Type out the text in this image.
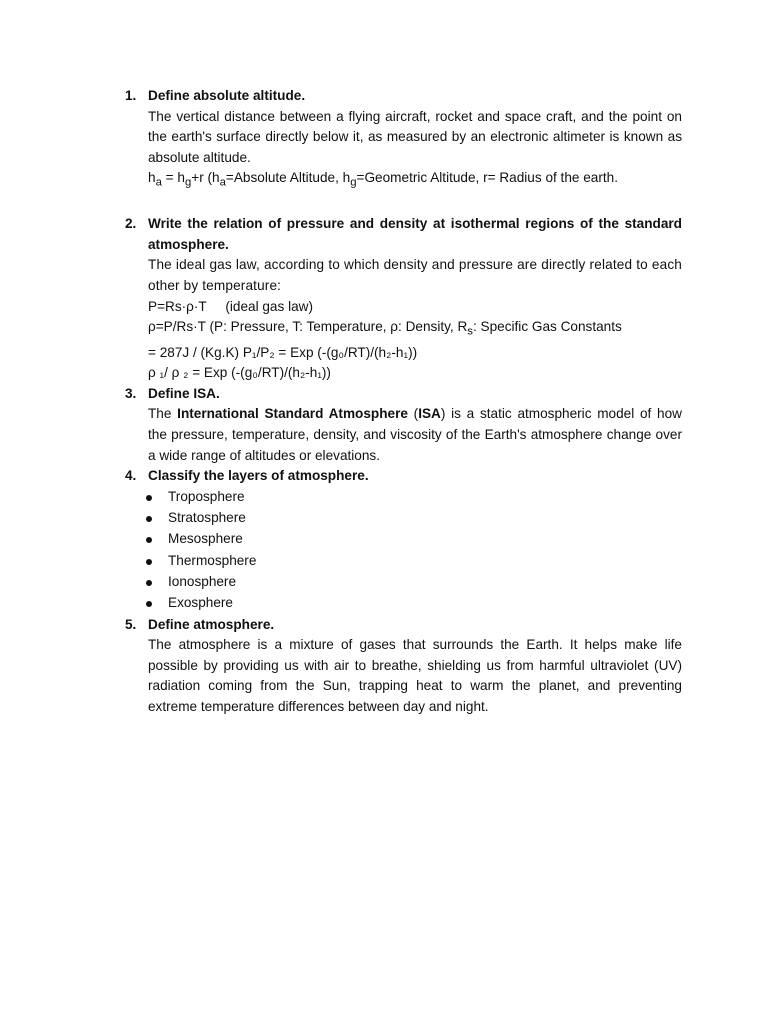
1. Define absolute altitude.
The vertical distance between a flying aircraft, rocket and space craft, and the point on the earth's surface directly below it, as measured by an electronic altimeter is known as absolute altitude.
$h_a = h_g+r$ ($h_a=Absolute$ Altitude, $h_g=Geometric$ Altitude, r= Radius of the earth.
2. Write the relation of pressure and density at isothermal regions of the standard atmosphere.
The ideal gas law, according to which density and pressure are directly related to each other by temperature:
P=Rs·ρ·T     (ideal gas law)
ρ=P/Rs·T (P: Pressure, T: Temperature, ρ: Density, $R_s$: Specific Gas Constants
= 287J / (Kg.K) P₁/P₂ = Exp (-(g₀/RT)/(h₂-h₁))
ρ ₁/ ρ ₂ = Exp (-(g₀/RT)/(h₂-h₁))
3. Define ISA.
The International Standard Atmosphere (ISA) is a static atmospheric model of how the pressure, temperature, density, and viscosity of the Earth's atmosphere change over a wide range of altitudes or elevations.
4. Classify the layers of atmosphere.
Troposphere
Stratosphere
Mesosphere
Thermosphere
Ionosphere
Exosphere
5. Define atmosphere.
The atmosphere is a mixture of gases that surrounds the Earth. It helps make life possible by providing us with air to breathe, shielding us from harmful ultraviolet (UV) radiation coming from the Sun, trapping heat to warm the planet, and preventing extreme temperature differences between day and night.
